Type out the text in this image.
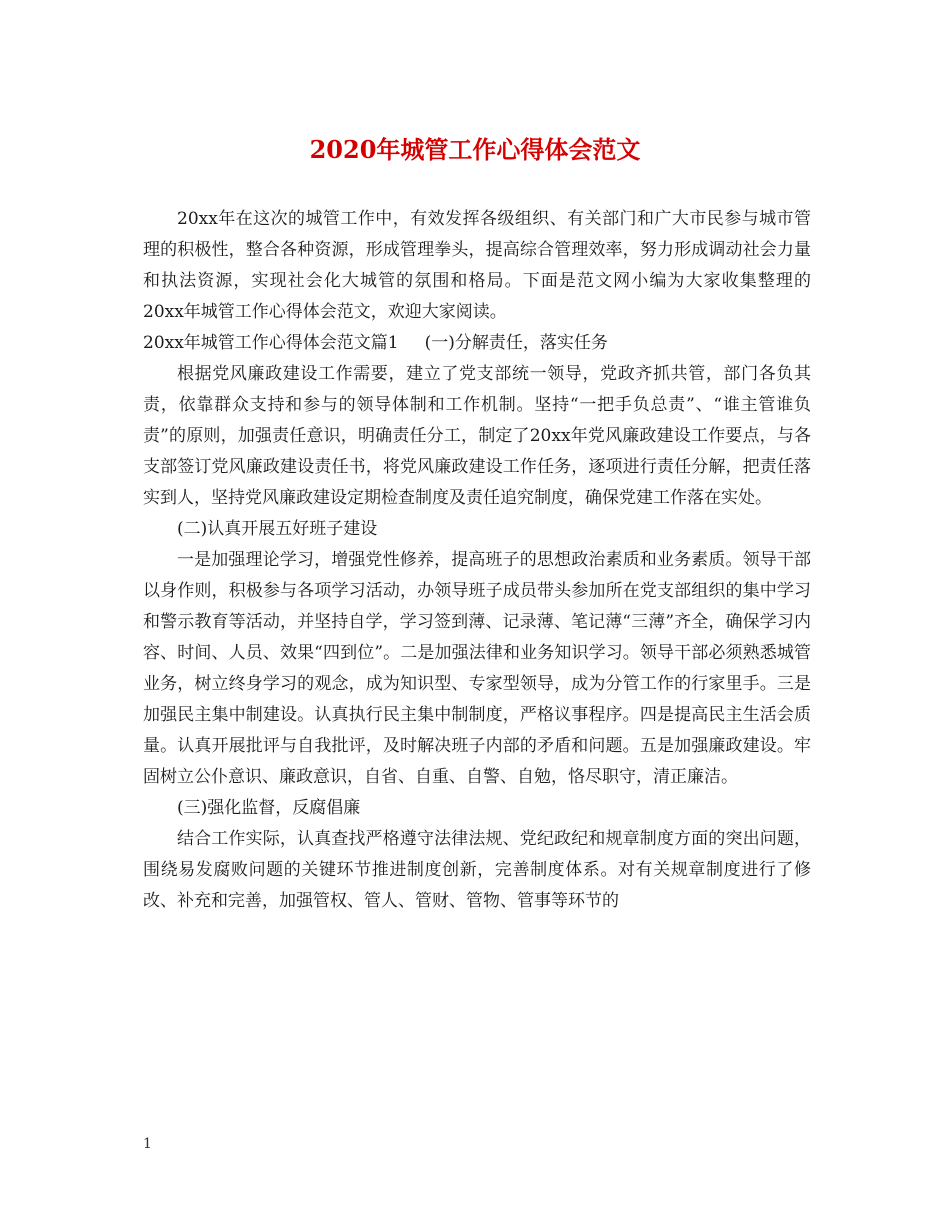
2020年城管工作心得体会范文

20xx年在这次的城管工作中，有效发挥各级组织、有关部门和广大市民参与城市管理的积极性，整合各种资源，形成管理拳头，提高综合管理效率，努力形成调动社会力量和执法资源，实现社会化大城管的氛围和格局。下面是范文网小编为大家收集整理的20xx年城管工作心得体会范文，欢迎大家阅读。

20xx年城管工作心得体会范文篇1 (一)分解责任，落实任务

根据党风廉政建设工作需要，建立了党支部统一领导，党政齐抓共管，部门各负其责，依靠群众支持和参与的领导体制和工作机制。坚持“一把手负总责”、“谁主管谁负责”的原则，加强责任意识，明确责任分工，制定了20xx年党风廉政建设工作要点，与各支部签订党风廉政建设责任书，将党风廉政建设工作任务，逐项进行责任分解，把责任落实到人，坚持党风廉政建设定期检查制度及责任追究制度，确保党建工作落在实处。

(二)认真开展五好班子建设

一是加强理论学习，增强党性修养，提高班子的思想政治素质和业务素质。领导干部以身作则，积极参与各项学习活动，办领导班子成员带头参加所在党支部组织的集中学习和警示教育等活动，并坚持自学，学习签到薄、记录薄、笔记薄“三薄”齐全，确保学习内容、时间、人员、效果“四到位”。二是加强法律和业务知识学习。领导干部必须熟悉城管业务，树立终身学习的观念，成为知识型、专家型领导，成为分管工作的行家里手。三是加强民主集中制建设。认真执行民主集中制制度，严格议事程序。四是提高民主生活会质量。认真开展批评与自我批评，及时解决班子内部的矛盾和问题。五是加强廉政建设。牢固树立公仆意识、廉政意识，自省、自重、自警、自勉，恪尽职守，清正廉洁。

(三)强化监督，反腐倡廉

结合工作实际，认真查找严格遵守法律法规、党纪政纪和规章制度方面的突出问题，围绕易发腐败问题的关键环节推进制度创新，完善制度体系。对有关规章制度进行了修改、补充和完善，加强管权、管人、管财、管物、管事等环节的

1
